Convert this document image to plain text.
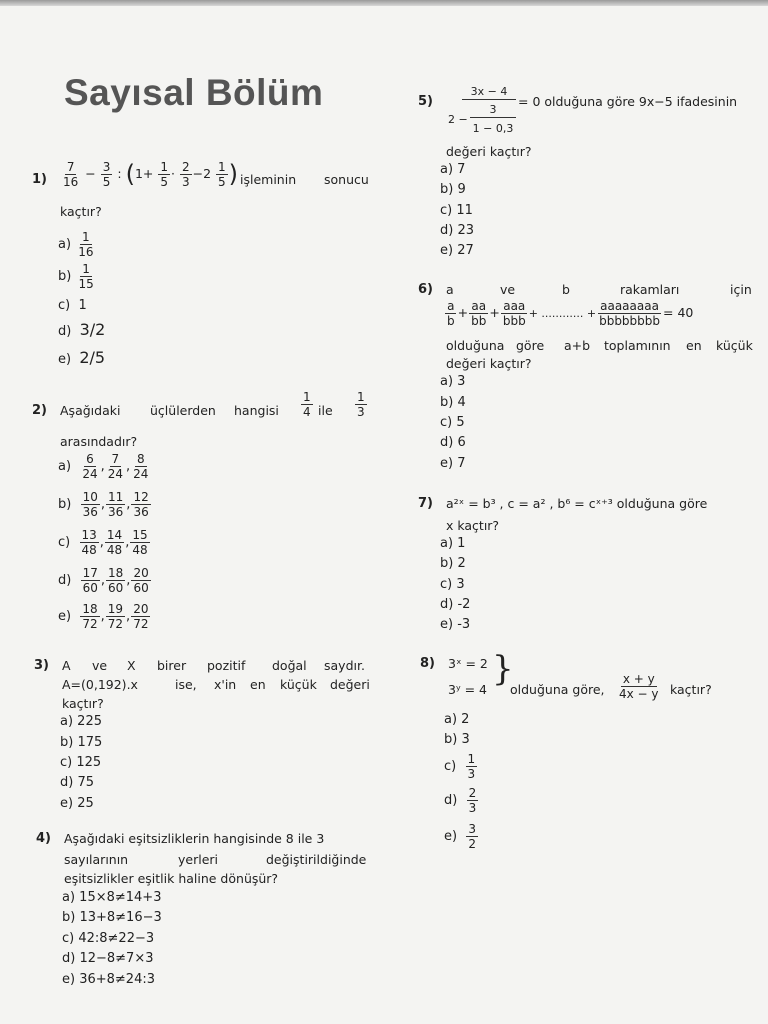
Sayısal Bölüm
$1) \frac{7}{16} - \frac{3}{5}$ : ($1+ \frac{1}{5} \cdot \frac{2}{3} -2 \frac{1}{5}$ ) işleminin sonucu
kaçtır?
$a) \frac{1}{16}$
$b) \frac{1}{15}$
c) 1
d) 3/2
e) 2/5
2) Aşağıdaki üçlülerden hangisi $\frac{1}{4}$ ile $\frac{1}{3}$
arasındadır?
$a) \frac{6}{24}$ , $\frac{7}{24}$ , $\frac{8}{24}$
$b) \frac{10}{36}$ , $\frac{11}{36}$ , $\frac{12}{36}$
$c) \frac{13}{48}$ , $\frac{14}{48}$ , $\frac{15}{48}$
$d) \frac{17}{60}$ , $\frac{18}{60}$ , $\frac{20}{60}$
$e) \frac{18}{72}$ , $\frac{19}{72}$ , $\frac{20}{72}$
3) A ve X birer pozitif doğal saydır.
A=(0,192).x	ise, x'in en küçük değeri
kaçtır?
a) 225
b) 175
c) 125
d) 75
e) 25
4) Aşağıdaki eşitsizliklerin hangisinde 8 ile 3
sayılarının	yerleri	değiştirildiğinde
eşitsizlikler eşitlik haline dönüşür?
a) 15×8≠14+3
b) 13+8≠16−3
c) 42:8≠22−3
d) 12−8≠7×3
e) 36+8≠24:3
5)
3x − 4
2 −
3
1 − 0,3
= 0 olduğuna göre 9x−5 ifadesinin
değeri kaçtır?
a) 7
b) 9
c) 11
d) 23
e) 27
6) a	ve	b	rakamları	için
$\frac{a}{b} + \frac{aa}{bb}$ + aaa
bbb
+ ............ +
aaaaaaaa
bbbbbbbb
= 40
olduğuna göre a+b toplamının en küçük
değeri kaçtır?
a) 3
b) 4
c) 5
d) 6
e) 7
7) a²ˣ = b³ , c = a² , b⁶ = cˣ⁺³ olduğuna göre
x kaçtır?
a) 1
b) 2
c) 3
d) -2
e) -3
8) 3ˣ = 2
3ʸ = 4
}
olduğuna göre, $\frac{x + y}{4x - y}$ kaçtır?
a) 2
b) 3
$c) \frac{1}{3}$
$d) \frac{2}{3}$
$e) \frac{3}{2}$
